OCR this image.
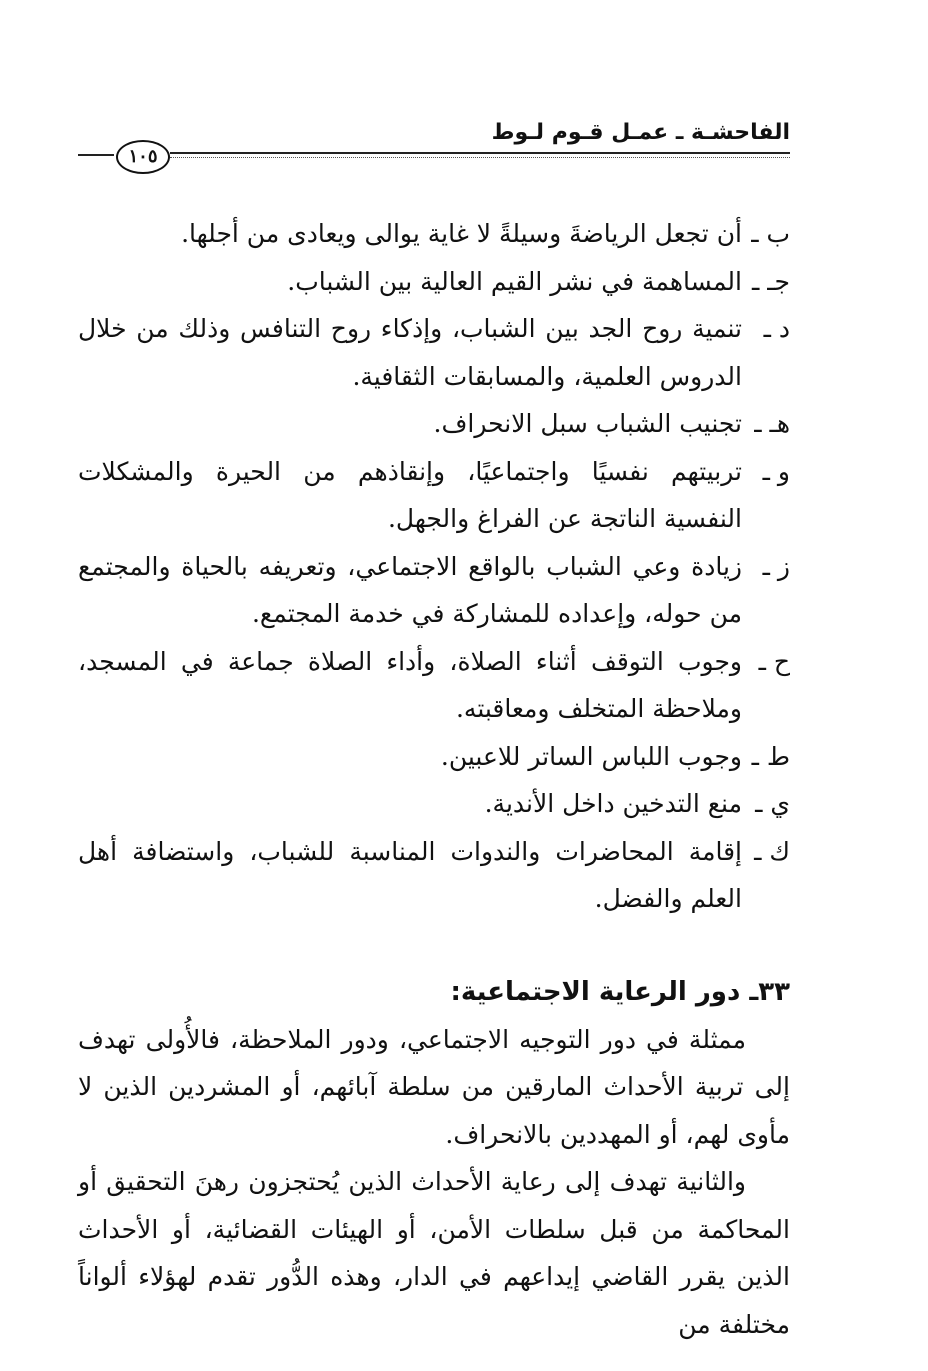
الفاحشـة ـ عمـل قـوم لـوط
١٠٥
ب ـ
أن تجعل الرياضةَ وسيلةً لا غاية يوالى ويعادى من أجلها.
جـ ـ
المساهمة في نشر القيم العالية بين الشباب.
د ـ
تنمية روح الجد بين الشباب، وإذكاء روح التنافس وذلك من خلال الدروس العلمية، والمسابقات الثقافية.
هـ ـ
تجنيب الشباب سبل الانحراف.
و ـ
تربيتهم نفسيًا واجتماعيًا، وإنقاذهم من الحيرة والمشكلات النفسية الناتجة عن الفراغ والجهل.
ز ـ
زيادة وعي الشباب بالواقع الاجتماعي، وتعريفه بالحياة والمجتمع من حوله، وإعداده للمشاركة في خدمة المجتمع.
ح ـ
وجوب التوقف أثناء الصلاة، وأداء الصلاة جماعة في المسجد، وملاحظة المتخلف ومعاقبته.
ط ـ
وجوب اللباس الساتر للاعبين.
ي ـ
منع التدخين داخل الأندية.
ك ـ
إقامة المحاضرات والندوات المناسبة للشباب، واستضافة أهل العلم والفضل.
٣٣ـ دور الرعاية الاجتماعية:

ممثلة في دور التوجيه الاجتماعي، ودور الملاحظة، فالأُولى تهدف إلى تربية الأحداث المارقين من سلطة آبائهم، أو المشردين الذين لا مأوى لهم، أو المهددين بالانحراف.

والثانية تهدف إلى رعاية الأحداث الذين يُحتجزون رهنَ التحقيق أو المحاكمة من قبل سلطات الأمن، أو الهيئات القضائية، أو الأحداث الذين يقرر القاضي إيداعهم في الدار، وهذه الدُّور تقدم لهؤلاء ألواناً مختلفة من
